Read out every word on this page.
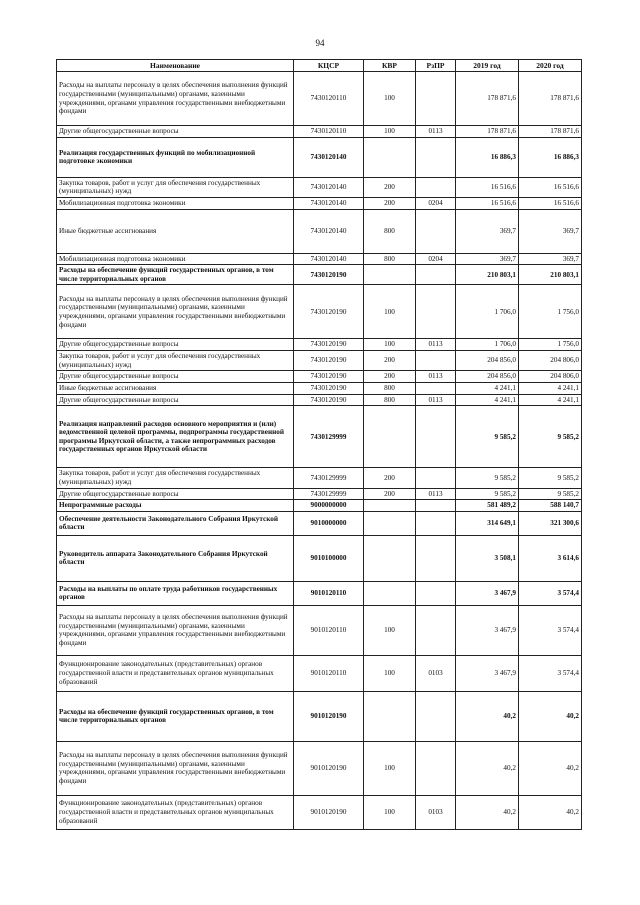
94
Наименование	КЦСР	КВР	РзПР	2019 год	2020 год
Расходы на выплаты персоналу в целях обеспечения выполнения функций государственными (муниципальными) органами, казенными учреждениями, органами управления государственными внебюджетными фондами	7430120110	100		178 871,6	178 871,6
Другие общегосударственные вопросы	7430120110	100	0113	178 871,6	178 871,6
Реализация государственных функций по мобилизационной подготовке экономики	7430120140			16 886,3	16 886,3
Закупка товаров, работ и услуг для обеспечения государственных (муниципальных) нужд	7430120140	200		16 516,6	16 516,6
Мобилизационная подготовка экономики	7430120140	200	0204	16 516,6	16 516,6
Иные бюджетные ассигнования	7430120140	800		369,7	369,7
Мобилизационная подготовка экономики	7430120140	800	0204	369,7	369,7
Расходы на обеспечение функций государственных органов, в том числе территориальных органов	7430120190			210 803,1	210 803,1
Расходы на выплаты персоналу в целях обеспечения выполнения функций государственными (муниципальными) органами, казенными учреждениями, органами управления государственными внебюджетными фондами	7430120190	100		1 706,0	1 756,0
Другие общегосударственные вопросы	7430120190	100	0113	1 706,0	1 756,0
Закупка товаров, работ и услуг для обеспечения государственных (муниципальных) нужд	7430120190	200		204 856,0	204 806,0
Другие общегосударственные вопросы	7430120190	200	0113	204 856,0	204 806,0
Иные бюджетные ассигнования	7430120190	800		4 241,1	4 241,1
Другие общегосударственные вопросы	7430120190	800	0113	4 241,1	4 241,1
Реализация направлений расходов основного мероприятия и (или) ведомственной целевой программы, подпрограммы государственной программы Иркутской области, а также непрограммных расходов государственных органов Иркутской области	7430129999			9 585,2	9 585,2
Закупка товаров, работ и услуг для обеспечения государственных (муниципальных) нужд	7430129999	200		9 585,2	9 585,2
Другие общегосударственные вопросы	7430129999	200	0113	9 585,2	9 585,2
Непрограммные расходы	9000000000			581 489,2	588 140,7
Обеспечение деятельности Законодательного Собрания Иркутской области	9010000000			314 649,1	321 300,6
Руководитель аппарата Законодательного Собрания Иркутской области	9010100000			3 508,1	3 614,6
Расходы на выплаты по оплате труда работников государственных органов	9010120110			3 467,9	3 574,4
Расходы на выплаты персоналу в целях обеспечения выполнения функций государственными (муниципальными) органами, казенными учреждениями, органами управления государственными внебюджетными фондами	9010120110	100		3 467,9	3 574,4
Функционирование законодательных (представительных) органов государственной власти и представительных органов муниципальных образований	9010120110	100	0103	3 467,9	3 574,4
Расходы на обеспечение функций государственных органов, в том числе территориальных органов	9010120190			40,2	40,2
Расходы на выплаты персоналу в целях обеспечения выполнения функций государственными (муниципальными) органами, казенными учреждениями, органами управления государственными внебюджетными фондами	9010120190	100		40,2	40,2
Функционирование законодательных (представительных) органов государственной власти и представительных органов муниципальных образований	9010120190	100	0103	40,2	40,2
